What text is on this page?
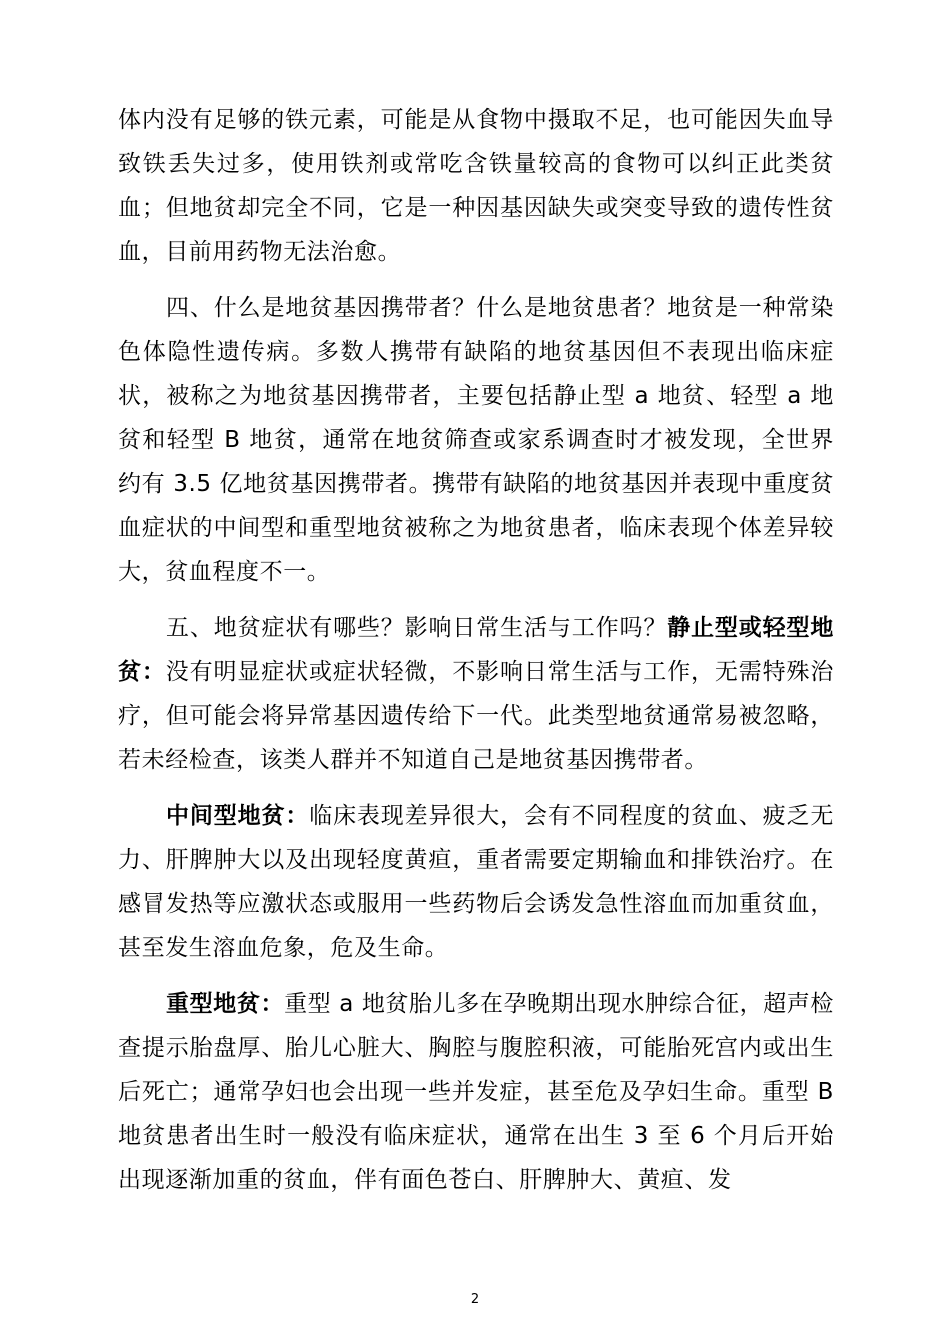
体内没有足够的铁元素，可能是从食物中摄取不足，也可能因失血导致铁丢失过多，使用铁剂或常吃含铁量较高的食物可以纠正此类贫血；但地贫却完全不同，它是一种因基因缺失或突变导致的遗传性贫血，目前用药物无法治愈。

四、什么是地贫基因携带者？什么是地贫患者？地贫是一种常染色体隐性遗传病。多数人携带有缺陷的地贫基因但不表现出临床症状，被称之为地贫基因携带者，主要包括静止型 a 地贫、轻型 a 地贫和轻型 B 地贫，通常在地贫筛查或家系调查时才被发现，全世界约有 3.5 亿地贫基因携带者。携带有缺陷的地贫基因并表现中重度贫血症状的中间型和重型地贫被称之为地贫患者，临床表现个体差异较大，贫血程度不一。

五、地贫症状有哪些？影响日常生活与工作吗？静止型或轻型地贫：没有明显症状或症状轻微，不影响日常生活与工作，无需特殊治疗，但可能会将异常基因遗传给下一代。此类型地贫通常易被忽略，若未经检查，该类人群并不知道自己是地贫基因携带者。

中间型地贫：临床表现差异很大，会有不同程度的贫血、疲乏无力、肝脾肿大以及出现轻度黄疸，重者需要定期输血和排铁治疗。在感冒发热等应激状态或服用一些药物后会诱发急性溶血而加重贫血，甚至发生溶血危象，危及生命。

重型地贫：重型 a 地贫胎儿多在孕晚期出现水肿综合征，超声检查提示胎盘厚、胎儿心脏大、胸腔与腹腔积液，可能胎死宫内或出生后死亡；通常孕妇也会出现一些并发症，甚至危及孕妇生命。重型 B 地贫患者出生时一般没有临床症状，通常在出生 3 至 6 个月后开始出现逐渐加重的贫血，伴有面色苍白、肝脾肿大、黄疸、发

2
